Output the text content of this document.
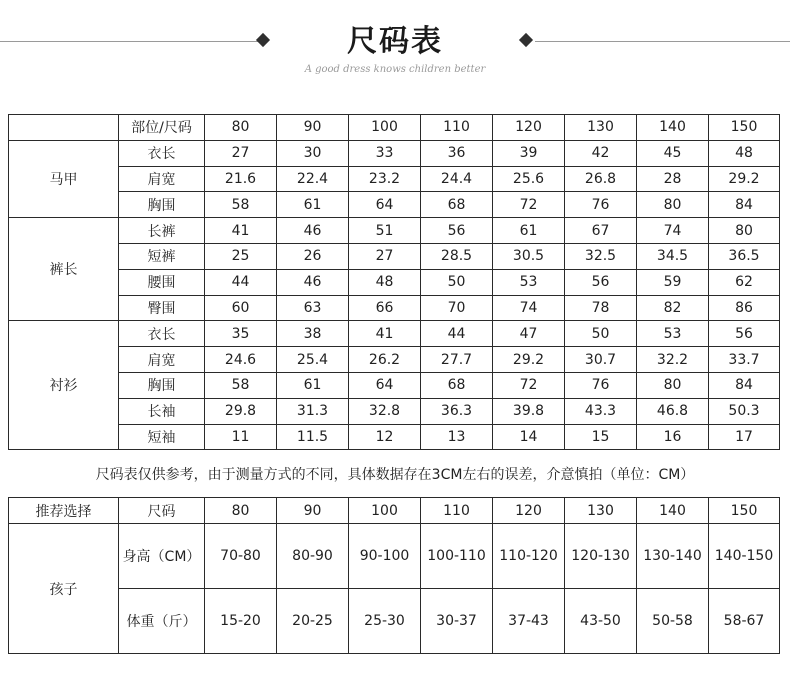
尺码表
A good dress knows children better
	部位/尺码	80	90	100	110	120	130	140	150
马甲	衣长	27	30	33	36	39	42	45	48
	肩宽	21.6	22.4	23.2	24.4	25.6	26.8	28	29.2
	胸围	58	61	64	68	72	76	80	84
裤长	长裤	41	46	51	56	61	67	74	80
	短裤	25	26	27	28.5	30.5	32.5	34.5	36.5
	腰围	44	46	48	50	53	56	59	62
	臀围	60	63	66	70	74	78	82	86
衬衫	衣长	35	38	41	44	47	50	53	56
	肩宽	24.6	25.4	26.2	27.7	29.2	30.7	32.2	33.7
	胸围	58	61	64	68	72	76	80	84
	长袖	29.8	31.3	32.8	36.3	39.8	43.3	46.8	50.3
	短袖	11	11.5	12	13	14	15	16	17
尺码表仅供参考，由于测量方式的不同，具体数据存在3CM左右的误差，介意慎拍（单位：CM）
推荐选择	尺码	80	90	100	110	120	130	140	150
孩子	身高（CM）	70-80	80-90	90-100	100-110	110-120	120-130	130-140	140-150
	体重（斤）	15-20	20-25	25-30	30-37	37-43	43-50	50-58	58-67
